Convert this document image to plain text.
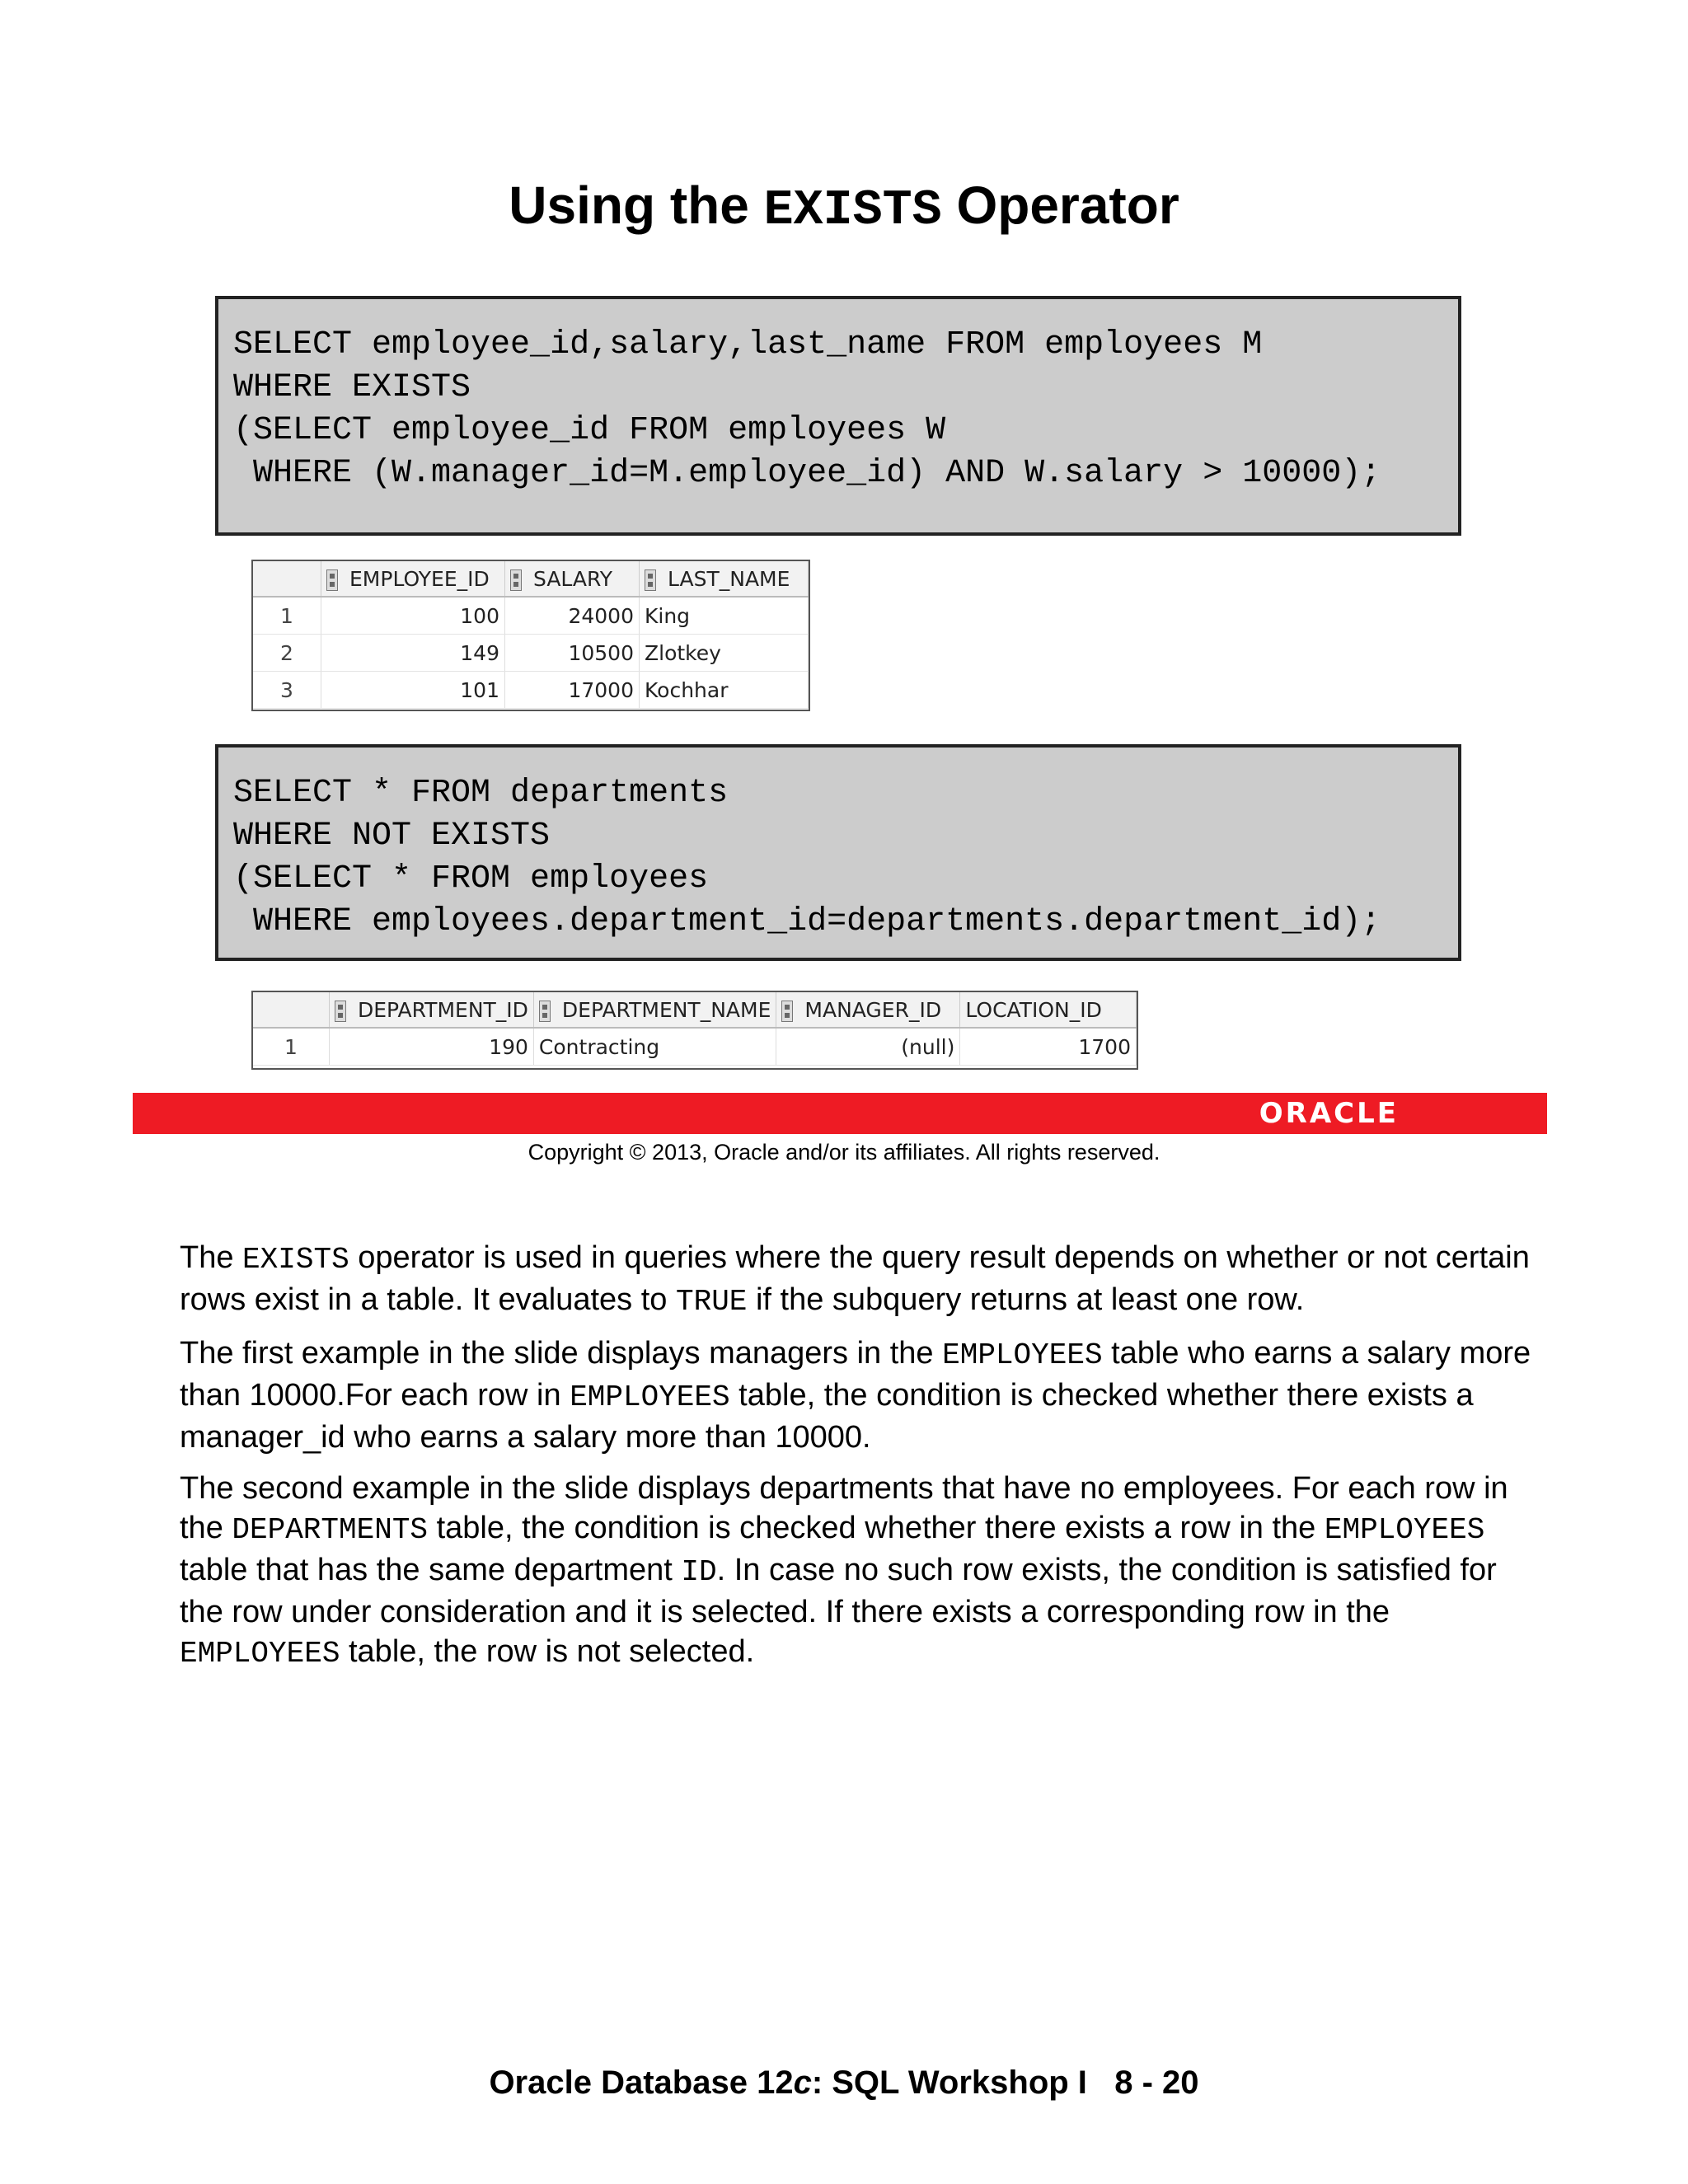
Using the EXISTS Operator
SELECT employee_id,salary,last_name FROM employees M
WHERE EXISTS
(SELECT employee_id FROM employees W
WHERE (W.manager_id=M.employee_id) AND W.salary > 10000);
	EMPLOYEE_ID	SALARY	LAST_NAME
1	100	24000	King
2	149	10500	Zlotkey
3	101	17000	Kochhar
SELECT * FROM departments
WHERE NOT EXISTS
(SELECT * FROM employees
WHERE employees.department_id=departments.department_id);
	DEPARTMENT_ID	DEPARTMENT_NAME	MANAGER_ID	LOCATION_ID
1	190	Contracting	(null)	1700
ORACLE
Copyright © 2013, Oracle and/or its affiliates. All rights reserved.

The EXISTS operator is used in queries where the query result depends on whether or not certain rows exist in a table. It evaluates to TRUE if the subquery returns at least one row.

The first example in the slide displays managers in the EMPLOYEES table who earns a salary more than 10000.For each row in EMPLOYEES table, the condition is checked whether there exists a manager_id who earns a salary more than 10000.

The second example in the slide displays departments that have no employees. For each row in the DEPARTMENTS table, the condition is checked whether there exists a row in the EMPLOYEES table that has the same department ID. In case no such row exists, the condition is satisfied for the row under consideration and it is selected. If there exists a corresponding row in the EMPLOYEES table, the row is not selected.

Oracle Database 12c: SQL Workshop I   8 - 20
